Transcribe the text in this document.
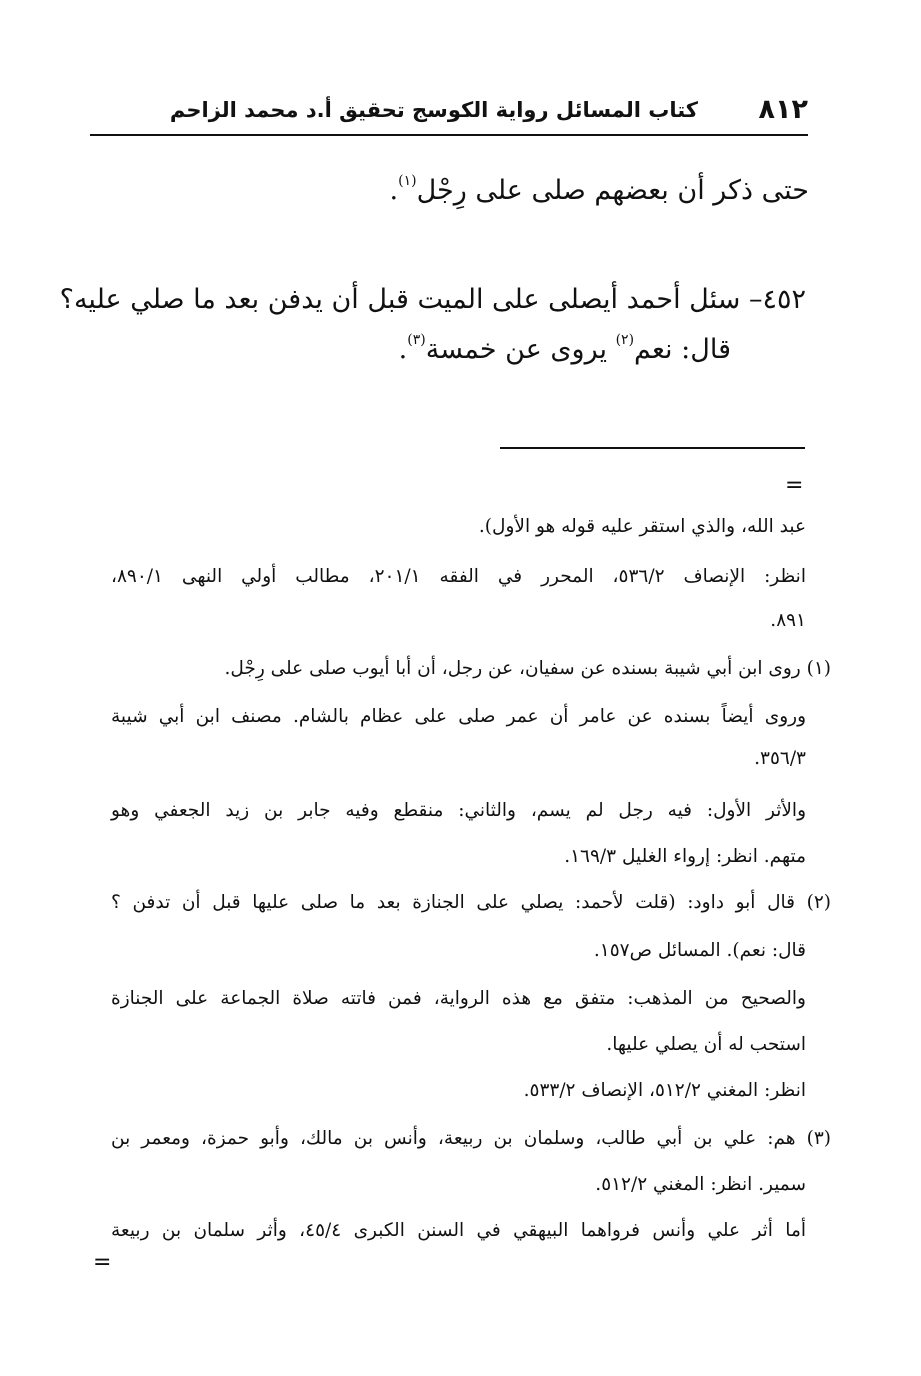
٨١٢
كتاب المسائل رواية الكوسج تحقيق أ.د محمد الزاحم
حتى ذكر أن بعضهم صلى على رِجْل$^{(١)}$.
٤٥٢– سئل أحمد أيصلى على الميت قبل أن يدفن بعد ما صلي عليه؟
قال: نعم$^{(٢)}$ يروى عن خمسة$^{(٣)}$.
=
عبد الله، والذي استقر عليه قوله هو الأول).
انظر: الإنصاف ٥٣٦/٢، المحرر في الفقه ٢٠١/١، مطالب أولي النهى ٨٩٠/١،
٨٩١.
(١) روى ابن أبي شيبة بسنده عن سفيان، عن رجل، أن أبا أيوب صلى على رِجْل.
وروى أيضاً بسنده عن عامر أن عمر صلى على عظام بالشام. مصنف ابن أبي شيبة
٣٥٦/٣.
والأثر الأول: فيه رجل لم يسم، والثاني: منقطع وفيه جابر بن زيد الجعفي وهو
متهم. انظر: إرواء الغليل ١٦٩/٣.
(٢) قال أبو داود: (قلت لأحمد: يصلي على الجنازة بعد ما صلى عليها قبل أن تدفن ؟
قال: نعم). المسائل ص١٥٧.
والصحيح من المذهب: متفق مع هذه الرواية، فمن فاتته صلاة الجماعة على الجنازة
استحب له أن يصلي عليها.
انظر: المغني ٥١٢/٢، الإنصاف ٥٣٣/٢.
(٣) هم: علي بن أبي طالب، وسلمان بن ربيعة، وأنس بن مالك، وأبو حمزة، ومعمر بن
سمير. انظر: المغني ٥١٢/٢.
أما أثر علي وأنس فرواهما البيهقي في السنن الكبرى ٤٥/٤، وأثر سلمان بن ربيعة
=
